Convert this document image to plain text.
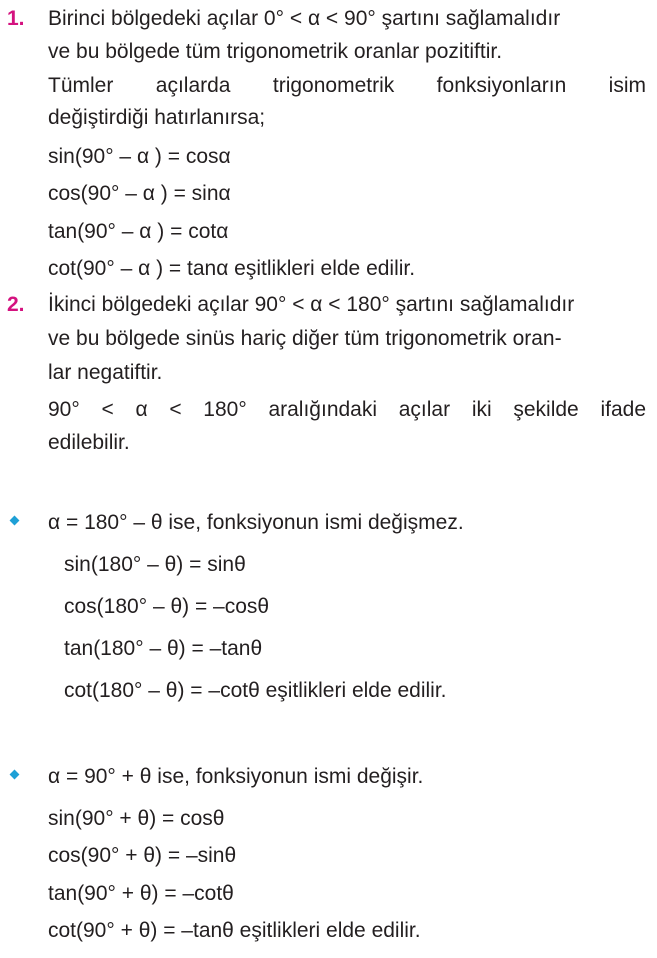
1. Birinci bölgedeki açılar 0° < α < 90° şartını sağlamalıdır
ve bu bölgede tüm trigonometrik oranlar pozitiftir.
Tümler açılarda trigonometrik fonksiyonların isim
değiştirdiği hatırlanırsa;
sin(90° – α ) = cosα
cos(90° – α ) = sinα
tan(90° – α ) = cotα
cot(90° – α ) = tanα eşitlikleri elde edilir.
2. İkinci bölgedeki açılar 90° < α < 180° şartını sağlamalıdır
ve bu bölgede sinüs hariç diğer tüm trigonometrik oran-
lar negatiftir.
90° < α < 180° aralığındaki açılar iki şekilde ifade
edilebilir.
α = 180° – θ ise, fonksiyonun ismi değişmez.
sin(180° – θ) = sinθ
cos(180° – θ) = –cosθ
tan(180° – θ) = –tanθ
cot(180° – θ) = –cotθ eşitlikleri elde edilir.
α = 90° + θ ise, fonksiyonun ismi değişir.
sin(90° + θ) = cosθ
cos(90° + θ) = –sinθ
tan(90° + θ) = –cotθ
cot(90° + θ) = –tanθ eşitlikleri elde edilir.
